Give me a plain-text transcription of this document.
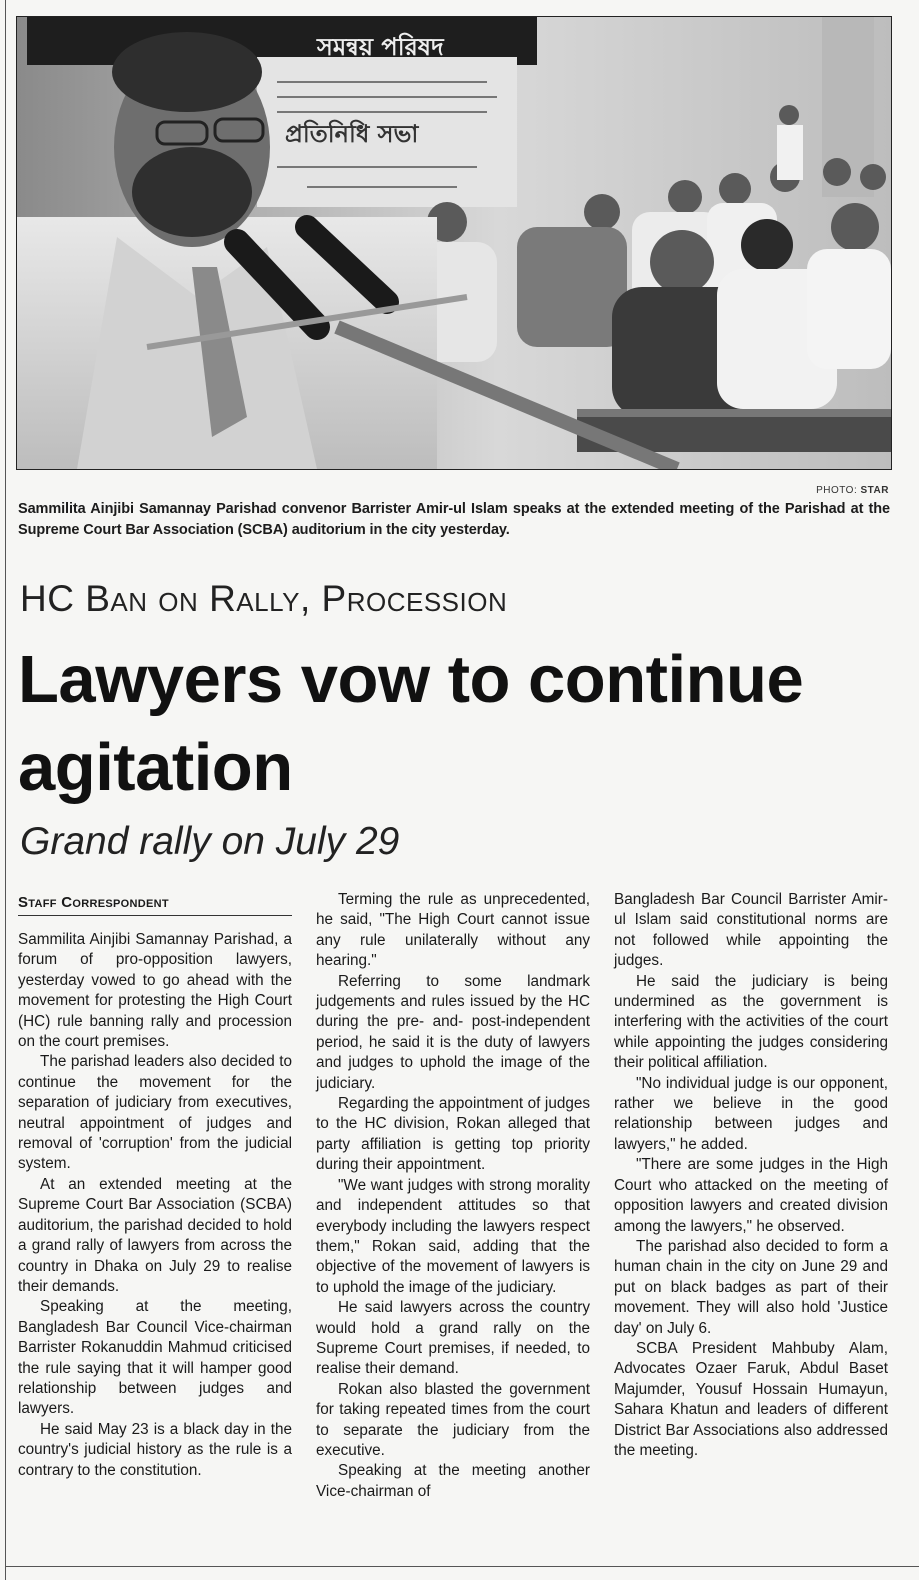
সমন্বয় পরিষদ
প্রতিনিধি সভা
PHOTO: STAR
Sammilita Ainjibi Samannay Parishad convenor Barrister Amir-ul Islam speaks at the extended meeting of the Parishad at the Supreme Court Bar Association (SCBA) auditorium in the city yesterday.
HC Ban on Rally, Procession
Lawyers vow to continue agitation
Grand rally on July 29
Staff Correspondent

Sammilita Ainjibi Samannay Parishad, a forum of pro-opposition lawyers, yesterday vowed to go ahead with the movement for protesting the High Court (HC) rule banning rally and procession on the court premises.

The parishad leaders also decided to continue the movement for the separation of judiciary from executives, neutral appointment of judges and removal of 'corruption' from the judicial system.

At an extended meeting at the Supreme Court Bar Association (SCBA) auditorium, the parishad decided to hold a grand rally of lawyers from across the country in Dhaka on July 29 to realise their demands.

Speaking at the meeting, Bangladesh Bar Council Vice-chairman Barrister Rokanuddin Mahmud criticised the rule saying that it will hamper good relationship between judges and lawyers.

He said May 23 is a black day in the country's judicial history as the rule is a contrary to the constitution.

Terming the rule as unprecedented, he said, "The High Court cannot issue any rule unilaterally without any hearing."

Referring to some landmark judgements and rules issued by the HC during the pre- and- post-independent period, he said it is the duty of lawyers and judges to uphold the image of the judiciary.

Regarding the appointment of judges to the HC division, Rokan alleged that party affiliation is getting top priority during their appointment.

"We want judges with strong morality and independent attitudes so that everybody including the lawyers respect them," Rokan said, adding that the objective of the movement of lawyers is to uphold the image of the judiciary.

He said lawyers across the country would hold a grand rally on the Supreme Court premises, if needed, to realise their demand.

Rokan also blasted the government for taking repeated times from the court to separate the judiciary from the executive.

Speaking at the meeting another Vice-chairman of

Bangladesh Bar Council Barrister Amir-ul Islam said constitutional norms are not followed while appointing the judges.

He said the judiciary is being undermined as the government is interfering with the activities of the court while appointing the judges considering their political affiliation.

"No individual judge is our opponent, rather we believe in the good relationship between judges and lawyers," he added.

"There are some judges in the High Court who attacked on the meeting of opposition lawyers and created division among the lawyers," he observed.

The parishad also decided to form a human chain in the city on June 29 and put on black badges as part of their movement. They will also hold 'Justice day' on July 6.

SCBA President Mahbuby Alam, Advocates Ozaer Faruk, Abdul Baset Majumder, Yousuf Hossain Humayun, Sahara Khatun and leaders of different District Bar Associations also addressed the meeting.
